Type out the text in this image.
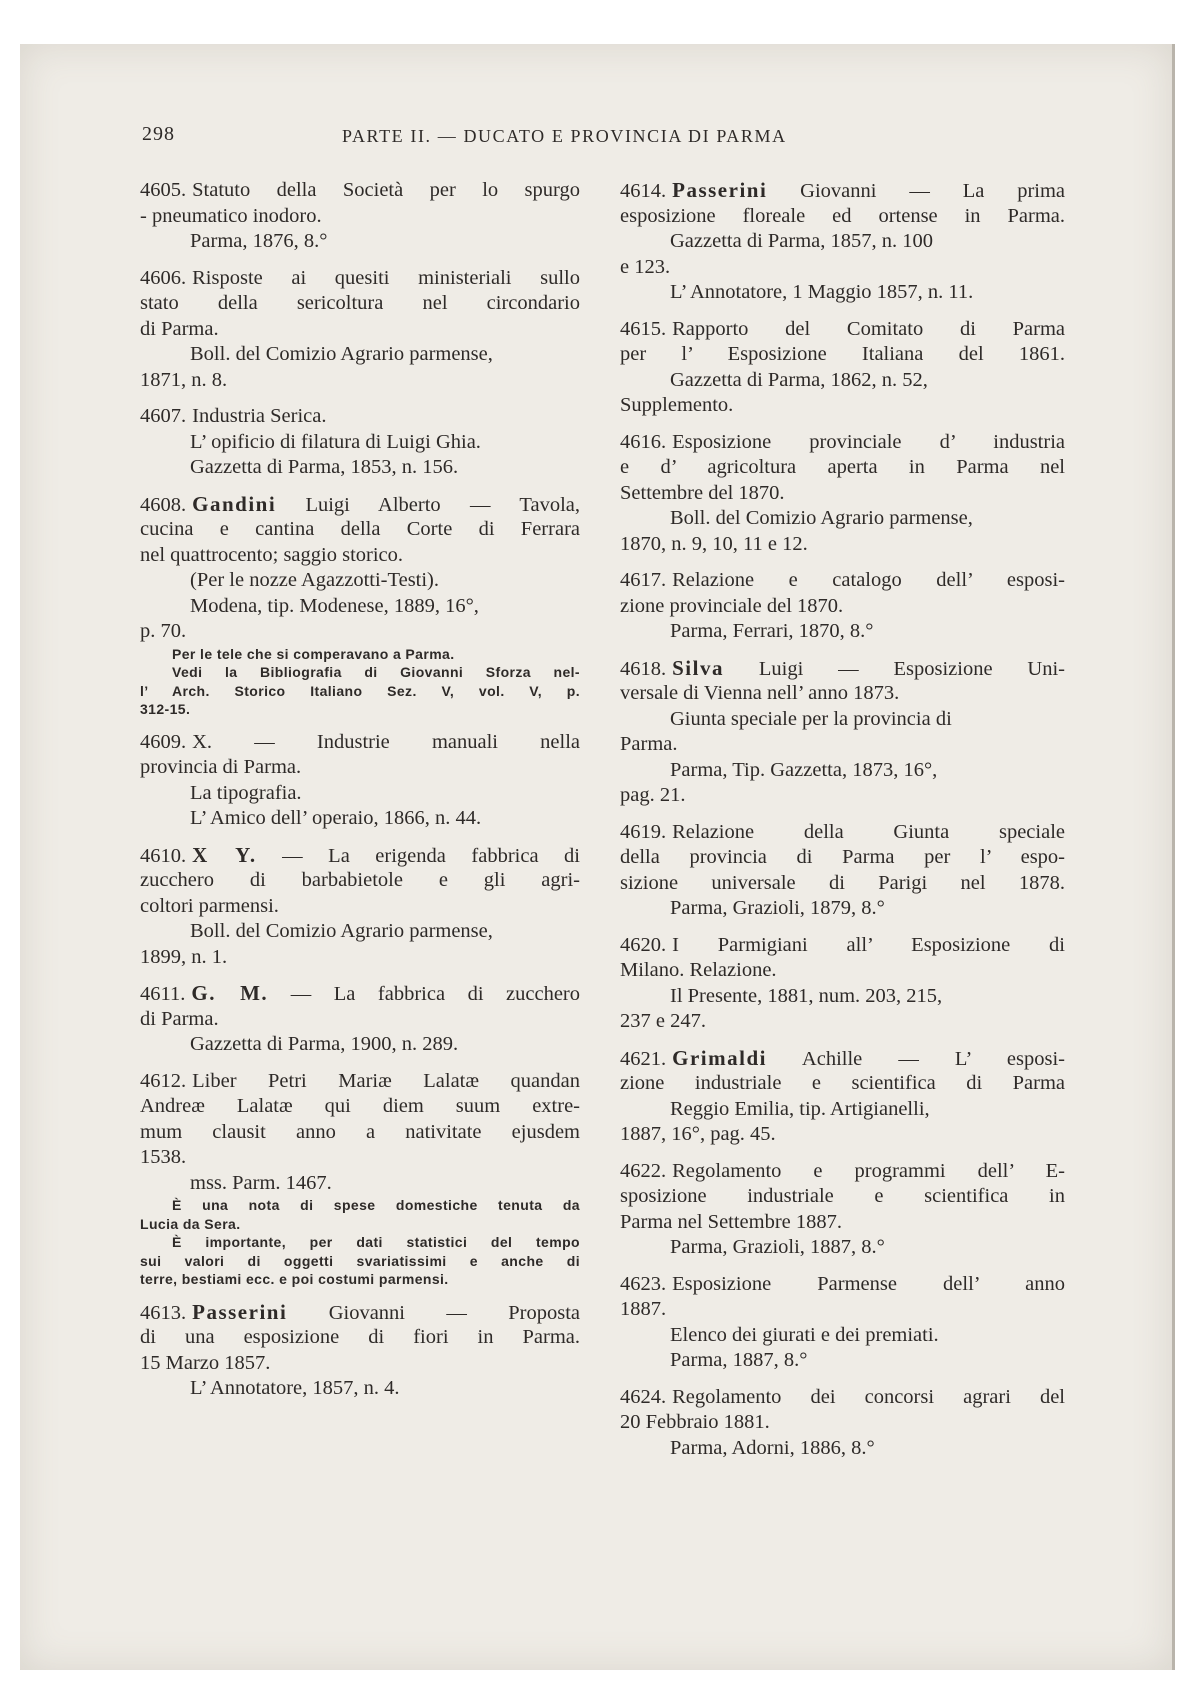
298	PARTE II. — DUCATO E PROVINCIA DI PARMA
4605. Statuto della Società per lo spurgo
- pneumatico inodoro.
Parma, 1876, 8.°
4606. Risposte ai quesiti ministeriali sullo
stato della sericoltura nel circondario
di Parma.
Boll. del Comizio Agrario parmense,
1871, n. 8.
4607. Industria Serica.
L’ opificio di filatura di Luigi Ghia.
Gazzetta di Parma, 1853, n. 156.
4608. Gandini Luigi Alberto — Tavola,
cucina e cantina della Corte di Ferrara
nel quattrocento; saggio storico.
(Per le nozze Agazzotti-Testi).
Modena, tip. Modenese, 1889, 16°,
p. 70.
Per le tele che si comperavano a Parma.
Vedi la Bibliografia di Giovanni Sforza nel-
l’ Arch. Storico Italiano Sez. V, vol. V, p.
312-15.
4609. X. — Industrie manuali nella
provincia di Parma.
La tipografia.
L’ Amico dell’ operaio, 1866, n. 44.
4610. X Y. — La erigenda fabbrica di
zucchero di barbabietole e gli agri-
coltori parmensi.
Boll. del Comizio Agrario parmense,
1899, n. 1.
4611. G. M. — La fabbrica di zucchero
di Parma.
Gazzetta di Parma, 1900, n. 289.
4612. Liber Petri Mariæ Lalatæ quandan
Andreæ Lalatæ qui diem suum extre-
mum clausit anno a nativitate ejusdem
1538.
mss. Parm. 1467.
È una nota di spese domestiche tenuta da
Lucia da Sera.
È importante, per dati statistici del tempo
sui valori di oggetti svariatissimi e anche di
terre, bestiami ecc. e poi costumi parmensi.
4613. Passerini Giovanni — Proposta
di una esposizione di fiori in Parma.
15 Marzo 1857.
L’ Annotatore, 1857, n. 4.
4614. Passerini Giovanni — La prima
esposizione floreale ed ortense in Parma.
Gazzetta di Parma, 1857, n. 100
e 123.
L’ Annotatore, 1 Maggio 1857, n. 11.
4615. Rapporto del Comitato di Parma
per l’ Esposizione Italiana del 1861.
Gazzetta di Parma, 1862, n. 52,
Supplemento.
4616. Esposizione provinciale d’ industria
e d’ agricoltura aperta in Parma nel
Settembre del 1870.
Boll. del Comizio Agrario parmense,
1870, n. 9, 10, 11 e 12.
4617. Relazione e catalogo dell’ esposi-
zione provinciale del 1870.
Parma, Ferrari, 1870, 8.°
4618. Silva Luigi — Esposizione Uni-
versale di Vienna nell’ anno 1873.
Giunta speciale per la provincia di
Parma.
Parma, Tip. Gazzetta, 1873, 16°,
pag. 21.
4619. Relazione della Giunta speciale
della provincia di Parma per l’ espo-
sizione universale di Parigi nel 1878.
Parma, Grazioli, 1879, 8.°
4620. I Parmigiani all’ Esposizione di
Milano. Relazione.
Il Presente, 1881, num. 203, 215,
237 e 247.
4621. Grimaldi Achille — L’ esposi-
zione industriale e scientifica di Parma
Reggio Emilia, tip. Artigianelli,
1887, 16°, pag. 45.
4622. Regolamento e programmi dell’ E-
sposizione industriale e scientifica in
Parma nel Settembre 1887.
Parma, Grazioli, 1887, 8.°
4623. Esposizione Parmense dell’ anno
1887.
Elenco dei giurati e dei premiati.
Parma, 1887, 8.°
4624. Regolamento dei concorsi agrari del
20 Febbraio 1881.
Parma, Adorni, 1886, 8.°
